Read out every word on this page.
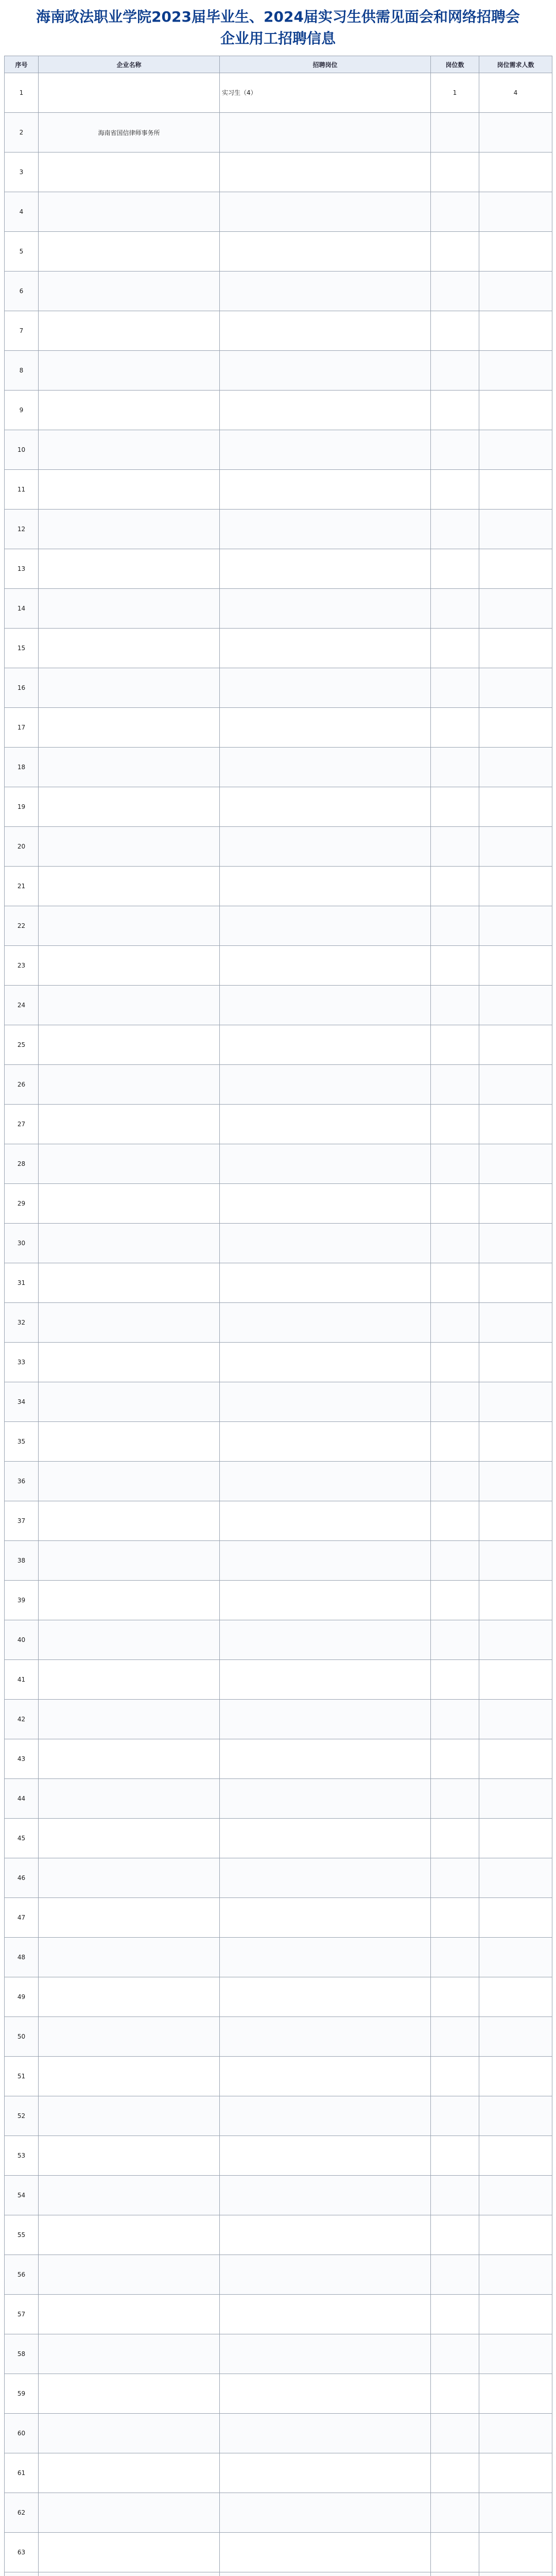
海南政法职业学院2023届毕业生、2024届实习生供需见面会和网络招聘会

企业用工招聘信息

序号	企业名称	招聘岗位	岗位数	岗位需求人数
1		实习生（4）	1	4
2	海南省国信律师事务所			
3				
4				
5				
6				
7				
8				
9				
10				
11				
12				
13				
14				
15				
16				
17				
18				
19				
20				
21				
22				
23				
24				
25				
26				
27				
28				
29				
30				
31				
32				
33				
34				
35				
36				
37				
38				
39				
40				
41				
42				
43				
44				
45				
46				
47				
48				
49				
50				
51				
52				
53				
54				
55				
56				
57				
58				
59				
60				
61				
62				
63				
